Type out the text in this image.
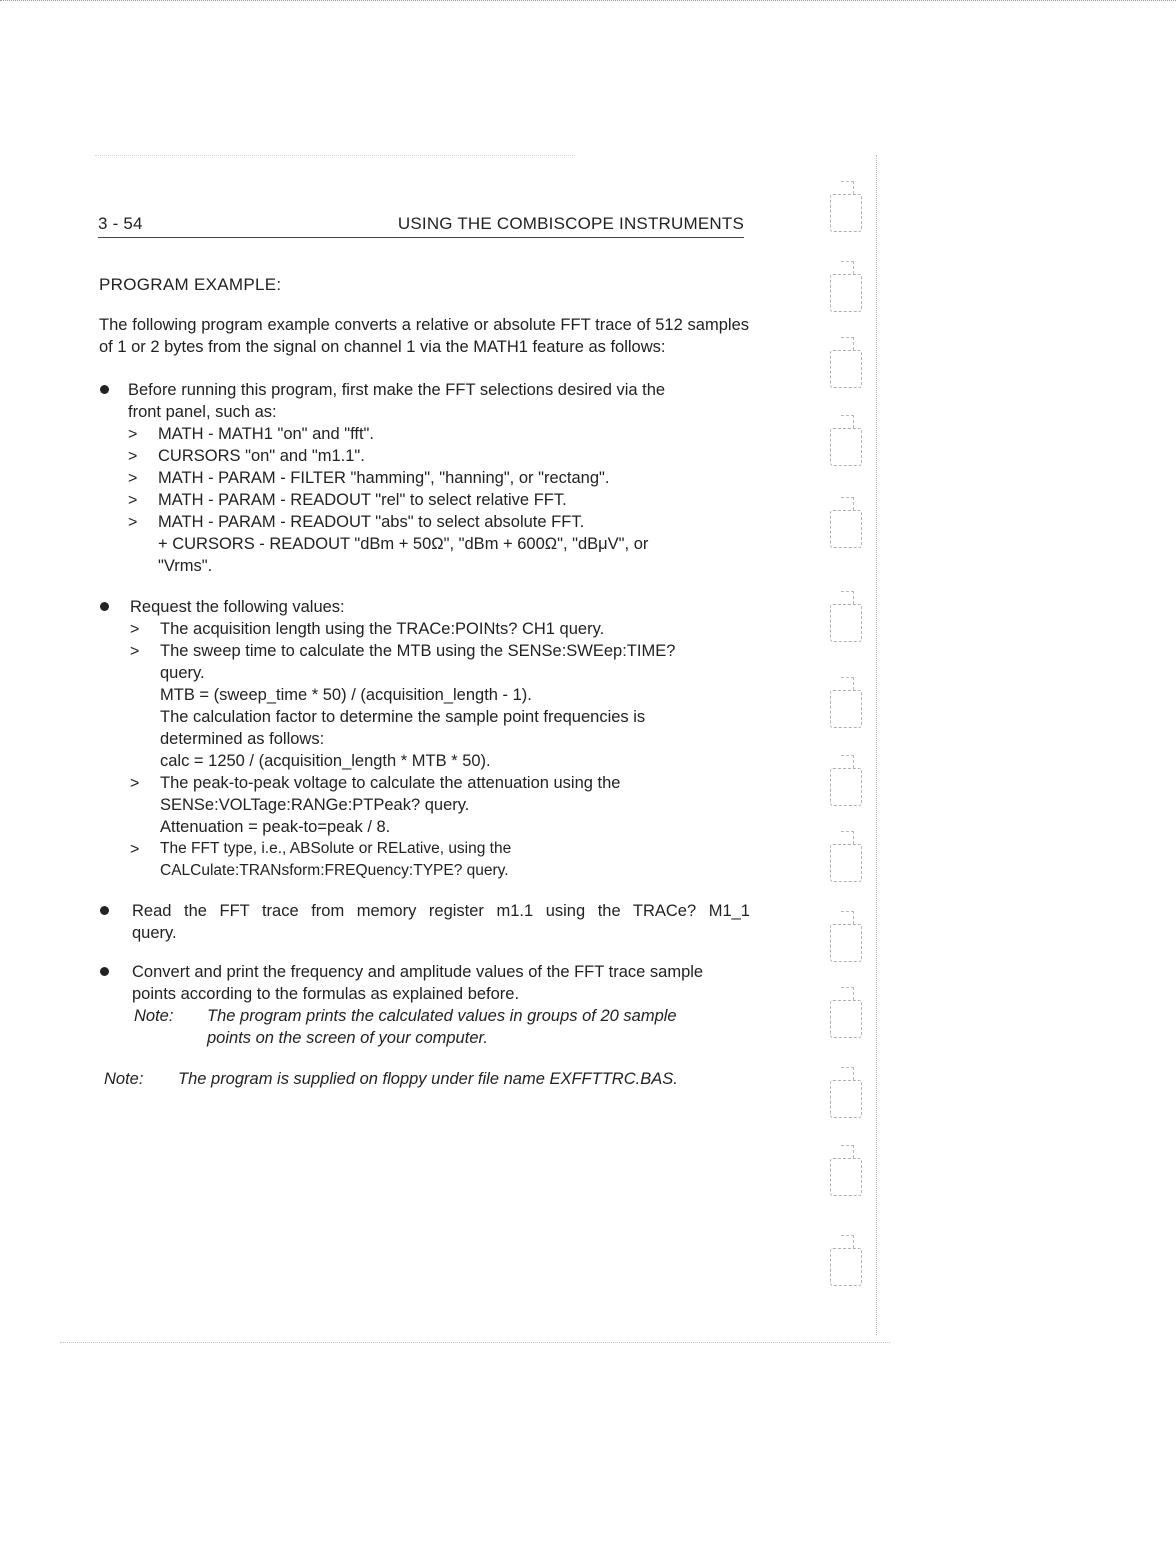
3 - 54	USING THE COMBISCOPE INSTRUMENTS
PROGRAM EXAMPLE:

The following program example converts a relative or absolute FFT trace of 512 samples of 1 or 2 bytes from the signal on channel 1 via the MATH1 feature as follows:

Before running this program, first make the FFT selections desired via the
front panel, such as:
> MATH - MATH1 "on" and "fft".
> CURSORS "on" and "m1.1".
> MATH - PARAM - FILTER "hamming", "hanning", or "rectang".
> MATH - PARAM - READOUT "rel" to select relative FFT.
> MATH - PARAM - READOUT "abs" to select absolute FFT.
+ CURSORS - READOUT "dBm + 50Ω", "dBm + 600Ω", "dBμV", or
"Vrms".
Request the following values:
> The acquisition length using the TRACe:POINts? CH1 query.
> The sweep time to calculate the MTB using the SENSe:SWEep:TIME?
query.
MTB = (sweep_time * 50) / (acquisition_length - 1).
The calculation factor to determine the sample point frequencies is
determined as follows:
calc = 1250 / (acquisition_length * MTB * 50).
> The peak-to-peak voltage to calculate the attenuation using the
SENSe:VOLTage:RANGe:PTPeak? query.
Attenuation = peak-to=peak / 8.
> The FFT type, i.e., ABSolute or RELative, using the
CALCulate:TRANsform:FREQuency:TYPE? query.
Read the FFT trace from memory register m1.1 using the TRACe? M1_1
query.
Convert and print the frequency and amplitude values of the FFT trace sample
points according to the formulas as explained before.
Note: The program prints the calculated values in groups of 20 sample
points on the screen of your computer.
Note: The program is supplied on floppy under file name EXFFTTRC.BAS.
